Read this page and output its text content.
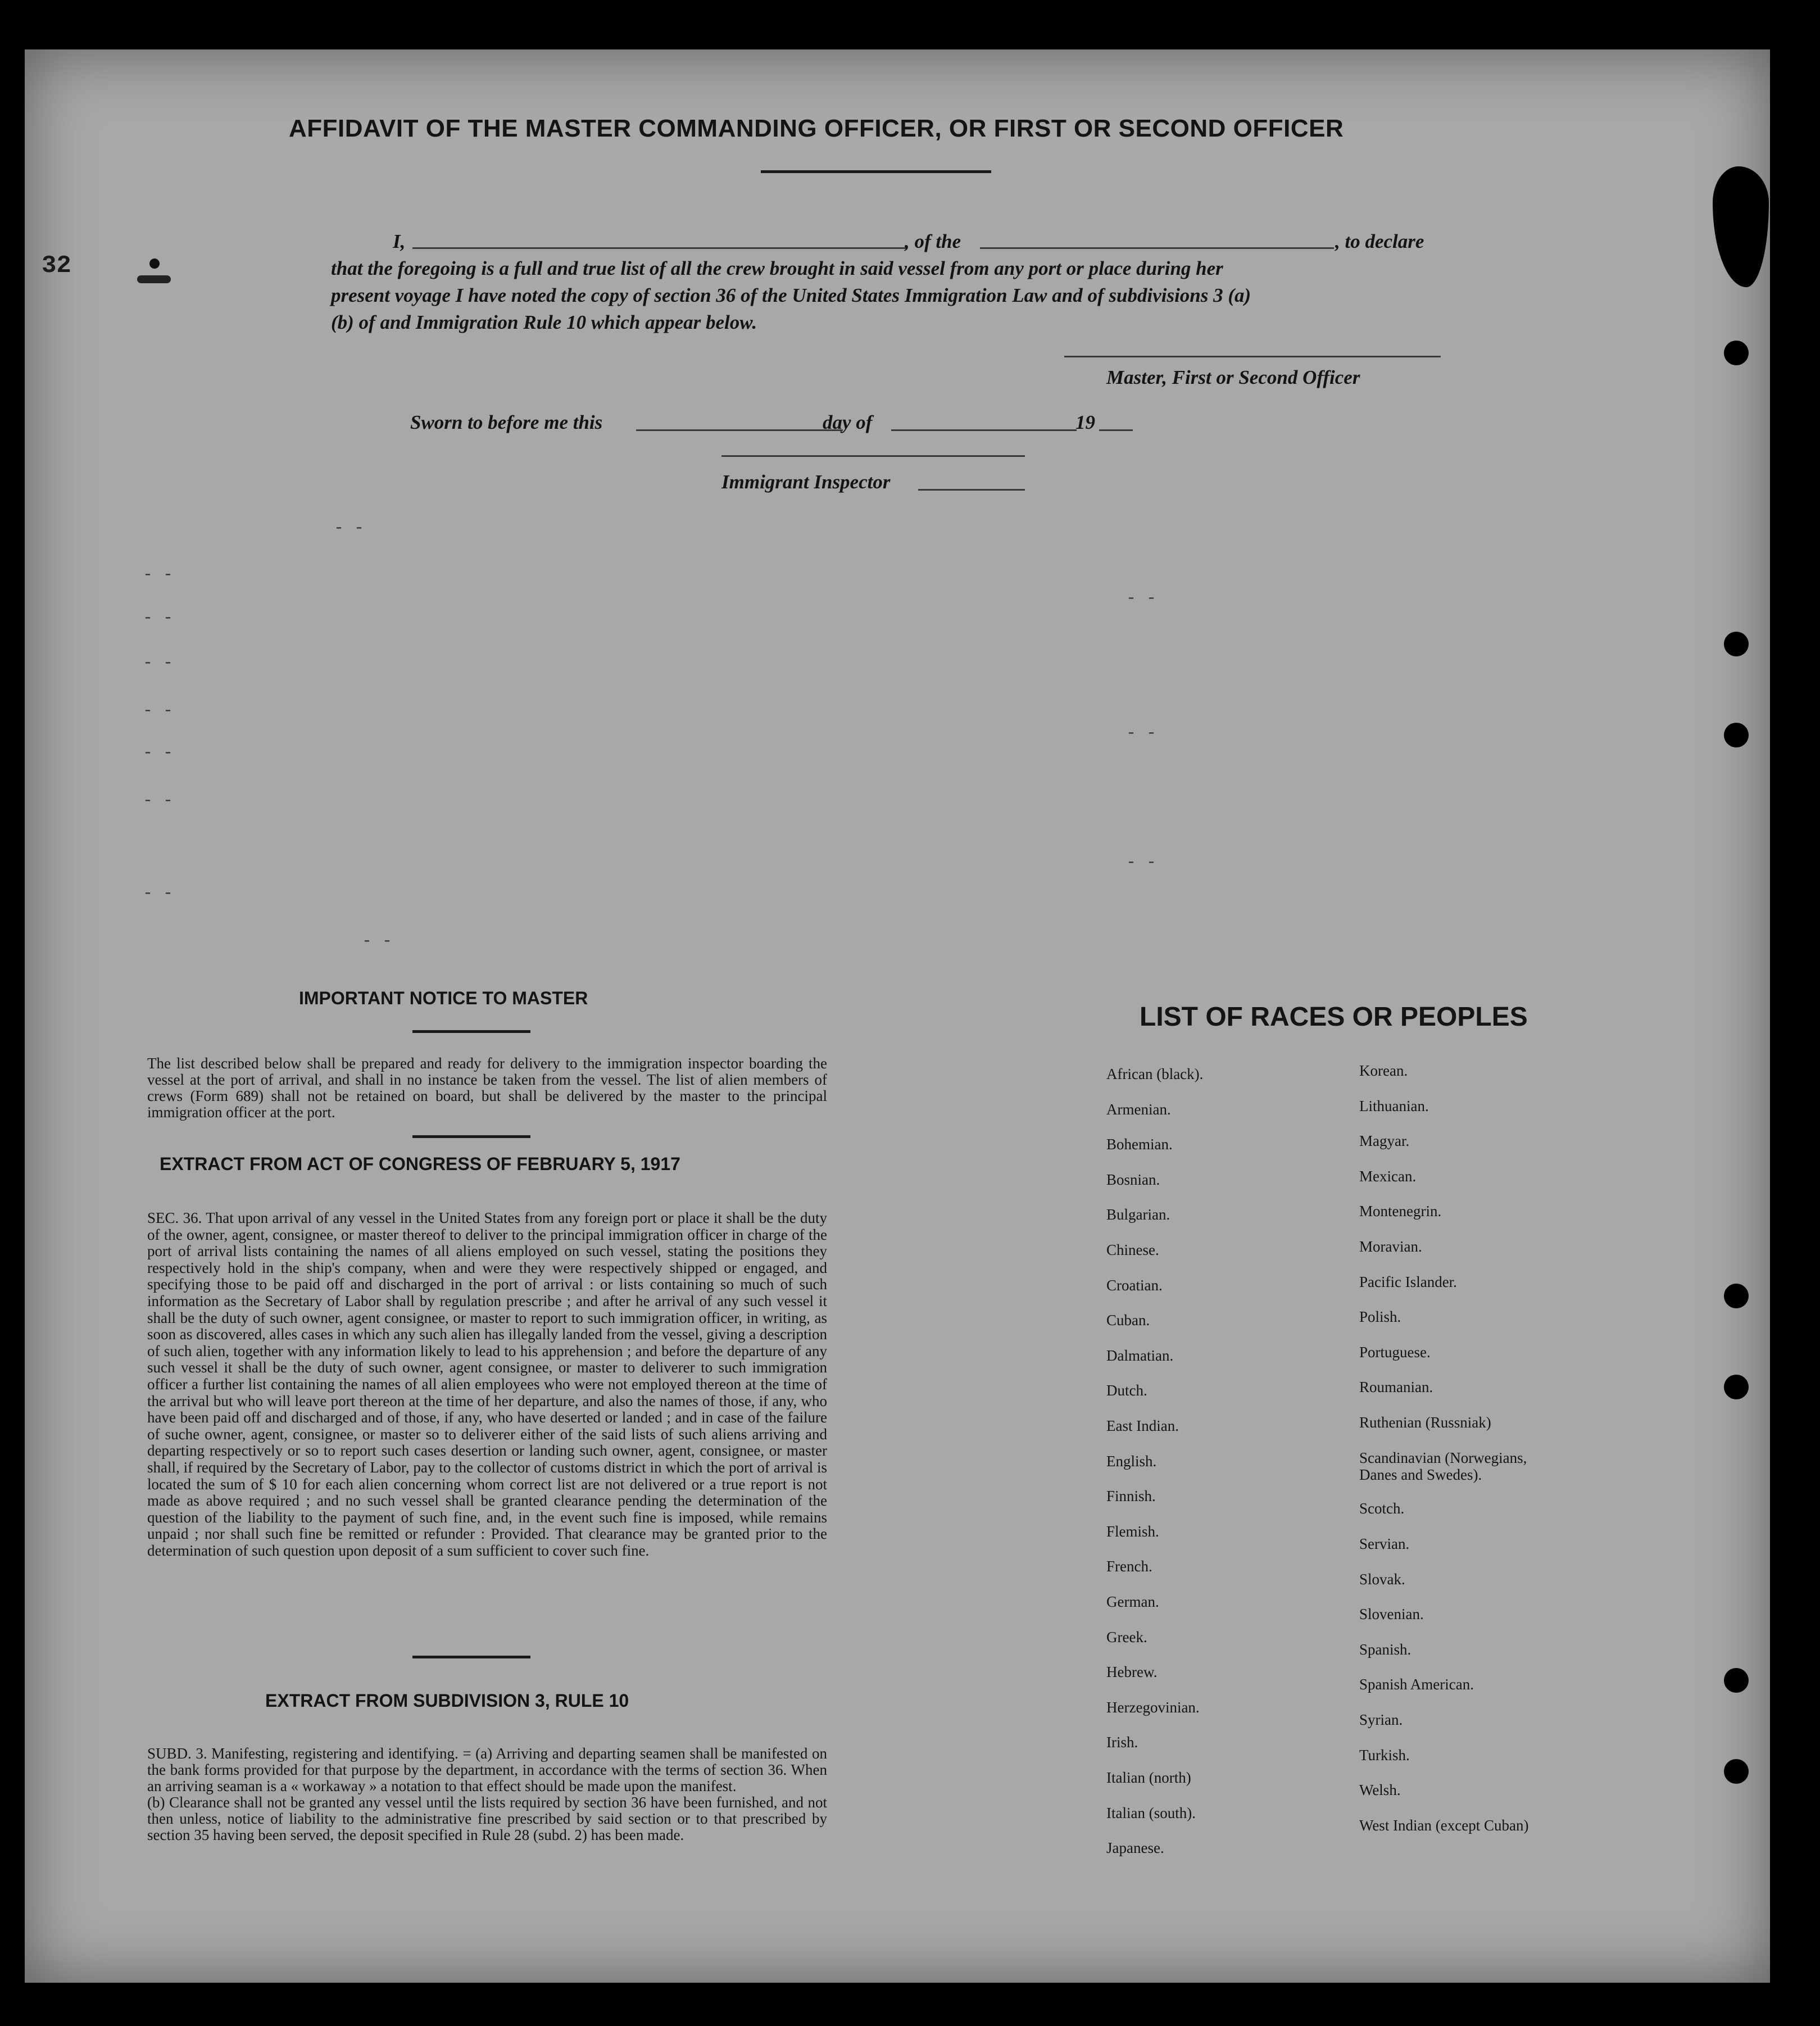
AFFIDAVIT OF THE MASTER COMMANDING OFFICER, OR FIRST OR SECOND OFFICER
I,	, of the	, to declare
that the foregoing is a full and true list of all the crew brought in said vessel from any port or place during her
present voyage I have noted the copy of section 36 of the United States Immigration Law and of subdivisions 3 (a)
(b) of and Immigration Rule 10 which appear below.
Master, First or Second Officer
Sworn to before me this	day of	19
Immigrant Inspector
32
- -
- -
- -
- -
- -
- -
- -
- -
- -
- -
- -
- -
IMPORTANT NOTICE TO MASTER
The list described below shall be prepared and ready for delivery to the immigration inspector boarding the vessel at the port of arrival, and shall in no instance be taken from the vessel. The list of alien members of crews (Form 689) shall not be retained on board, but shall be delivered by the master to the principal immigration officer at the port.
EXTRACT FROM ACT OF CONGRESS OF FEBRUARY 5, 1917
SEC. 36. That upon arrival of any vessel in the United States from any foreign port or place it shall be the duty of the owner, agent, consignee, or master thereof to deliver to the principal immigration officer in charge of the port of arrival lists containing the names of all aliens employed on such vessel, stating the positions they respectively hold in the ship's company, when and were they were respectively shipped or engaged, and specifying those to be paid off and discharged in the port of arrival : or lists containing so much of such information as the Secretary of Labor shall by regulation prescribe ; and after he arrival of any such vessel it shall be the duty of such owner, agent consignee, or master to report to such immigration officer, in writing, as soon as discovered, alles cases in which any such alien has illegally landed from the vessel, giving a description of such alien, together with any information likely to lead to his apprehension ; and before the departure of any such vessel it shall be the duty of such owner, agent consignee, or master to deliverer to such immigration officer a further list containing the names of all alien employees who were not employed thereon at the time of the arrival but who will leave port thereon at the time of her departure, and also the names of those, if any, who have been paid off and discharged and of those, if any, who have deserted or landed ; and in case of the failure of suche owner, agent, consignee, or master so to deliverer either of the said lists of such aliens arriving and departing respectively or so to report such cases desertion or landing such owner, agent, consignee, or master shall, if required by the Secretary of Labor, pay to the collector of customs district in which the port of arrival is located the sum of $ 10 for each alien concerning whom correct list are not delivered or a true report is not made as above required ; and no such vessel shall be granted clearance pending the determination of the question of the liability to the payment of such fine, and, in the event such fine is imposed, while remains unpaid ; nor shall such fine be remitted or refunder : Provided. That clearance may be granted prior to the determination of such question upon deposit of a sum sufficient to cover such fine.
EXTRACT FROM SUBDIVISION 3, RULE 10
SUBD. 3. Manifesting, registering and identifying. = (a) Arriving and departing seamen shall be manifested on the bank forms provided for that purpose by the department, in accordance with the terms of section 36. When an arriving seaman is a « workaway » a notation to that effect should be made upon the manifest.
(b) Clearance shall not be granted any vessel until the lists required by section 36 have been furnished, and not then unless, notice of liability to the administrative fine prescribed by said section or to that prescribed by section 35 having been served, the deposit specified in Rule 28 (subd. 2) has been made.
LIST OF RACES OR PEOPLES
African (black).
Armenian.
Bohemian.
Bosnian.
Bulgarian.
Chinese.
Croatian.
Cuban.
Dalmatian.
Dutch.
East Indian.
English.
Finnish.
Flemish.
French.
German.
Greek.
Hebrew.
Herzegovinian.
Irish.
Italian (north)
Italian (south).
Japanese.
Korean.
Lithuanian.
Magyar.
Mexican.
Montenegrin.
Moravian.
Pacific Islander.
Polish.
Portuguese.
Roumanian.
Ruthenian (Russniak)
Scandinavian (Norwegians, Danes and Swedes).
Scotch.
Servian.
Slovak.
Slovenian.
Spanish.
Spanish American.
Syrian.
Turkish.
Welsh.
West Indian (except Cuban)
